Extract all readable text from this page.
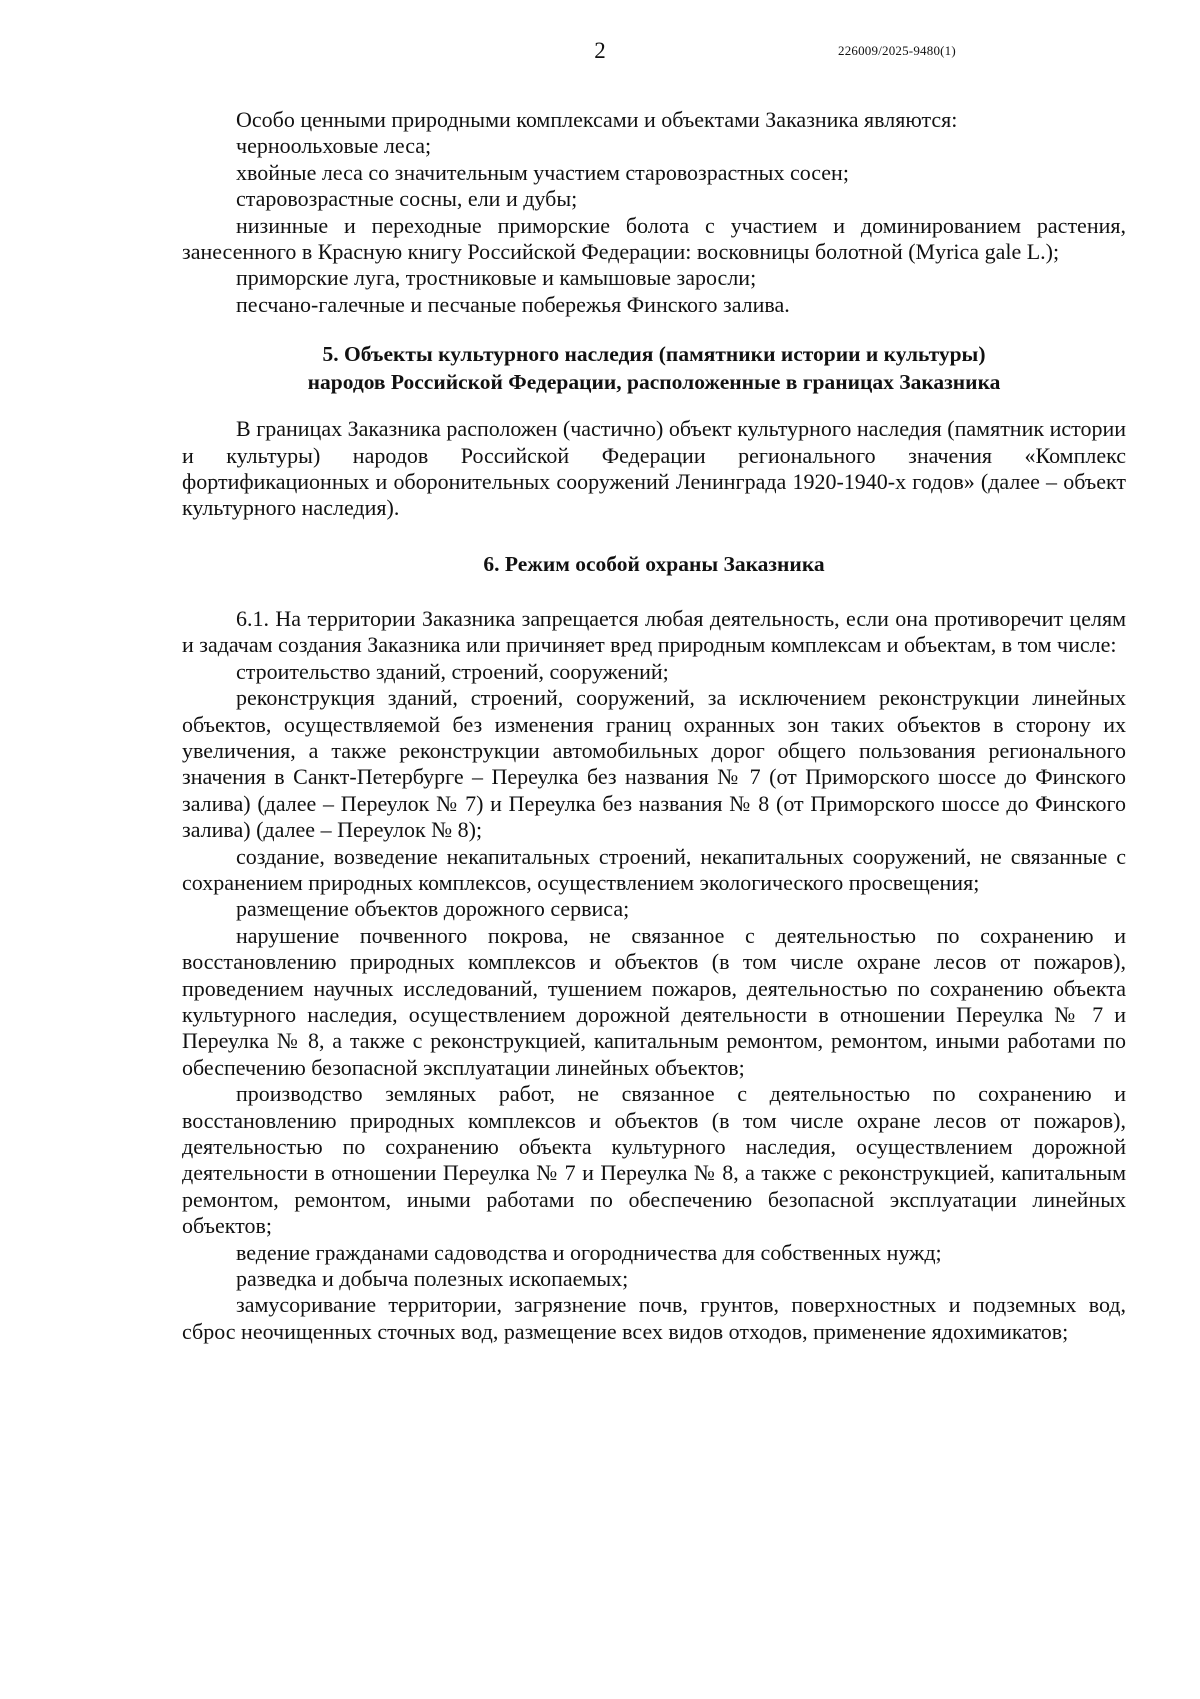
2	226009/2025-9480(1)

Особо ценными природными комплексами и объектами Заказника являются:

черноольховые леса;

хвойные леса со значительным участием старовозрастных сосен;

старовозрастные сосны, ели и дубы;

низинные и переходные приморские болота с участием и доминированием растения, занесенного в Красную книгу Российской Федерации: восковницы болотной (Myrica gale L.);

приморские луга, тростниковые и камышовые заросли;

песчано-галечные и песчаные побережья Финского залива.

5. Объекты культурного наследия (памятники истории и культуры)
народов Российской Федерации, расположенные в границах Заказника

В границах Заказника расположен (частично) объект культурного наследия (памятник истории и культуры) народов Российской Федерации регионального значения «Комплекс фортификационных и оборонительных сооружений Ленинграда 1920-1940-х годов» (далее – объект культурного наследия).

6. Режим особой охраны Заказника

6.1. На территории Заказника запрещается любая деятельность, если она противоречит целям и задачам создания Заказника или причиняет вред природным комплексам и объектам, в том числе:

строительство зданий, строений, сооружений;

реконструкция зданий, строений, сооружений, за исключением реконструкции линейных объектов, осуществляемой без изменения границ охранных зон таких объектов в сторону их увеличения, а также реконструкции автомобильных дорог общего пользования регионального значения в Санкт-Петербурге – Переулка без названия № 7 (от Приморского шоссе до Финского залива) (далее – Переулок № 7) и Переулка без названия № 8 (от Приморского шоссе до Финского залива) (далее – Переулок № 8);

создание, возведение некапитальных строений, некапитальных сооружений, не связанные с сохранением природных комплексов, осуществлением экологического просвещения;

размещение объектов дорожного сервиса;

нарушение почвенного покрова, не связанное с деятельностью по сохранению и восстановлению природных комплексов и объектов (в том числе охране лесов от пожаров), проведением научных исследований, тушением пожаров, деятельностью по сохранению объекта культурного наследия, осуществлением дорожной деятельности в отношении Переулка № 7 и Переулка № 8, а также с реконструкцией, капитальным ремонтом, ремонтом, иными работами по обеспечению безопасной эксплуатации линейных объектов;

производство земляных работ, не связанное с деятельностью по сохранению и восстановлению природных комплексов и объектов (в том числе охране лесов от пожаров), деятельностью по сохранению объекта культурного наследия, осуществлением дорожной деятельности в отношении Переулка № 7 и Переулка № 8, а также с реконструкцией, капитальным ремонтом, ремонтом, иными работами по обеспечению безопасной эксплуатации линейных объектов;

ведение гражданами садоводства и огородничества для собственных нужд;

разведка и добыча полезных ископаемых;

замусоривание территории, загрязнение почв, грунтов, поверхностных и подземных вод, сброс неочищенных сточных вод, размещение всех видов отходов, применение ядохимикатов;
